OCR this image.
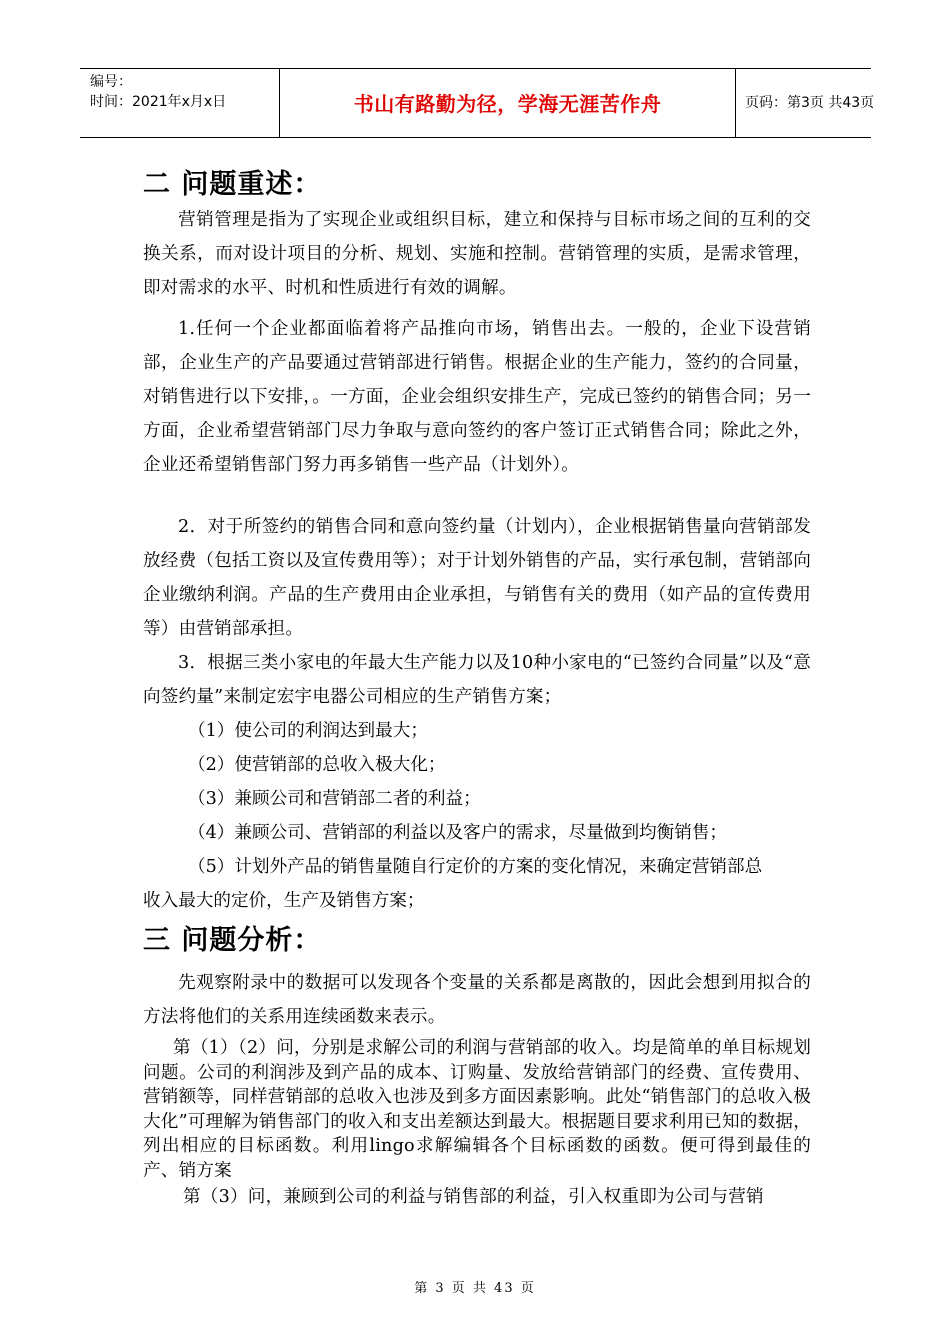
编号：
时间：2021年x月x日	书山有路勤为径，学海无涯苦作舟	页码：第3页 共43页
二 问题重述：
营销管理是指为了实现企业或组织目标，建立和保持与目标市场之间的互利的交换关系，而对设计项目的分析、规划、实施和控制。营销管理的实质，是需求管理， 即对需求的水平、时机和性质进行有效的调解。
1.任何一个企业都面临着将产品推向市场，销售出去。一般的，企业下设营销部，企业生产的产品要通过营销部进行销售。根据企业的生产能力，签约的合同量，对销售进行以下安排，。一方面，企业会组织安排生产，完成已签约的销售合同；另一方面，企业希望营销部门尽力争取与意向签约的客户签订正式销售合同；除此之外，企业还希望销售部门努力再多销售一些产品（计划外）。
2．对于所签约的销售合同和意向签约量（计划内），企业根据销售量向营销部发放经费（包括工资以及宣传费用等）；对于计划外销售的产品，实行承包制，营销部向企业缴纳利润。产品的生产费用由企业承担，与销售有关的费用（如产品的宣传费用等）由营销部承担。
3．根据三类小家电的年最大生产能力以及10种小家电的“已签约合同量”以及“意向签约量”来制定宏宇电器公司相应的生产销售方案；
（1）使公司的利润达到最大；
（2）使营销部的总收入极大化；
（3）兼顾公司和营销部二者的利益；
（4）兼顾公司、营销部的利益以及客户的需求，尽量做到均衡销售；
（5）计划外产品的销售量随自行定价的方案的变化情况，来确定营销部总
收入最大的定价，生产及销售方案；
三 问题分析：
先观察附录中的数据可以发现各个变量的关系都是离散的，因此会想到用拟合的方法将他们的关系用连续函数来表示。
第（1）（2）问，分别是求解公司的利润与营销部的收入。均是简单的单目标规划问题。公司的利润涉及到产品的成本、订购量、发放给营销部门的经费、宣传费用、营销额等，同样营销部的总收入也涉及到多方面因素影响。此处“销售部门的总收入极大化”可理解为销售部门的收入和支出差额达到最大。根据题目要求利用已知的数据，列出相应的目标函数。利用lingo求解编辑各个目标函数的函数。便可得到最佳的产、销方案
第（3）问，兼顾到公司的利益与销售部的利益，引入权重即为公司与营销
第 3 页 共 43 页
